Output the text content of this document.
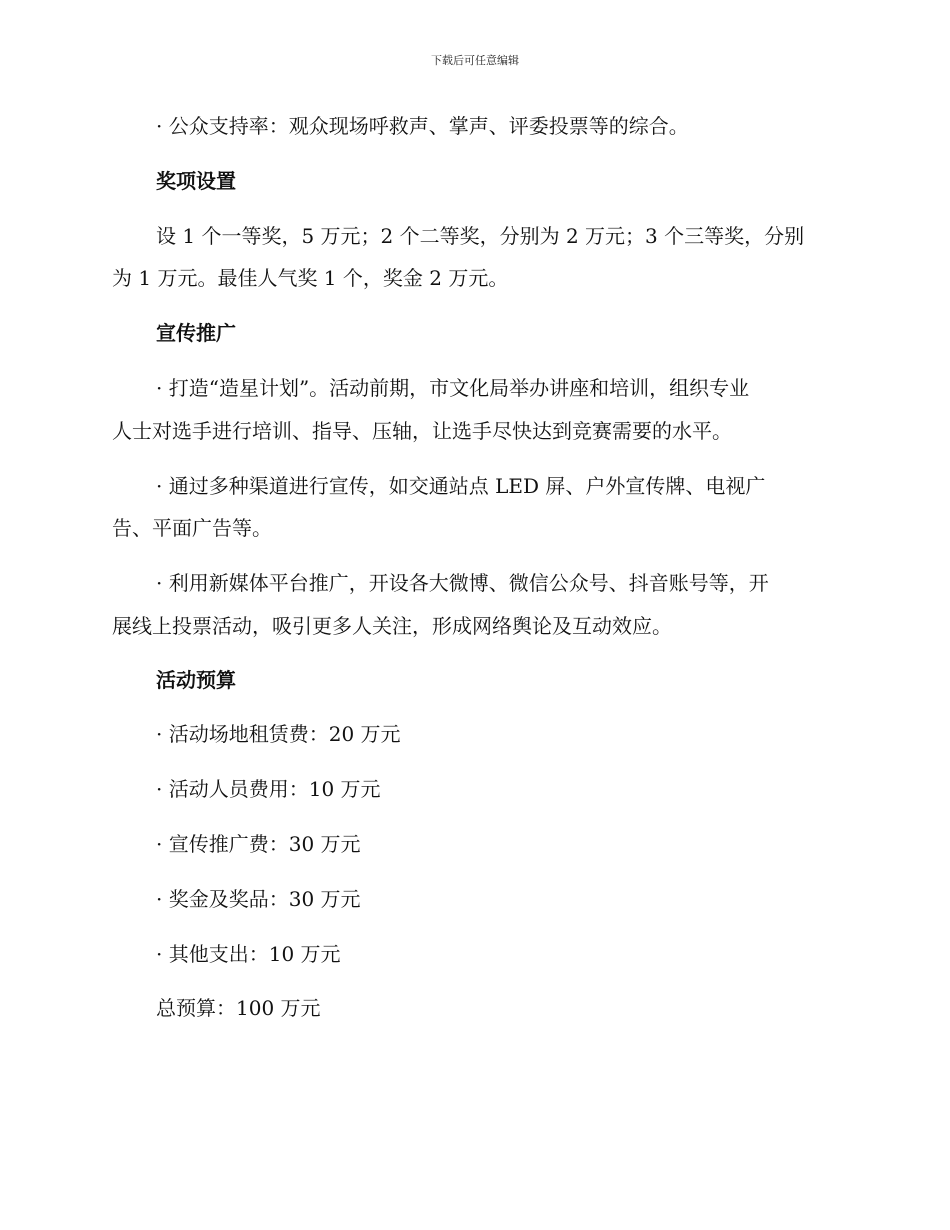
下载后可任意编辑
· 公众支持率：观众现场呼救声、掌声、评委投票等的综合。
奖项设置
设 1 个一等奖，5 万元；2 个二等奖，分别为 2 万元；3 个三等奖，分别
为 1 万元。最佳人气奖 1 个，奖金 2 万元。
宣传推广
· 打造“造星计划”。活动前期，市文化局举办讲座和培训，组织专业
人士对选手进行培训、指导、压轴，让选手尽快达到竞赛需要的水平。
· 通过多种渠道进行宣传，如交通站点 LED 屏、户外宣传牌、电视广
告、平面广告等。
· 利用新媒体平台推广，开设各大微博、微信公众号、抖音账号等，开
展线上投票活动，吸引更多人关注，形成网络舆论及互动效应。
活动预算
· 活动场地租赁费：20 万元
· 活动人员费用：10 万元
· 宣传推广费：30 万元
· 奖金及奖品：30 万元
· 其他支出：10 万元
总预算：100 万元
